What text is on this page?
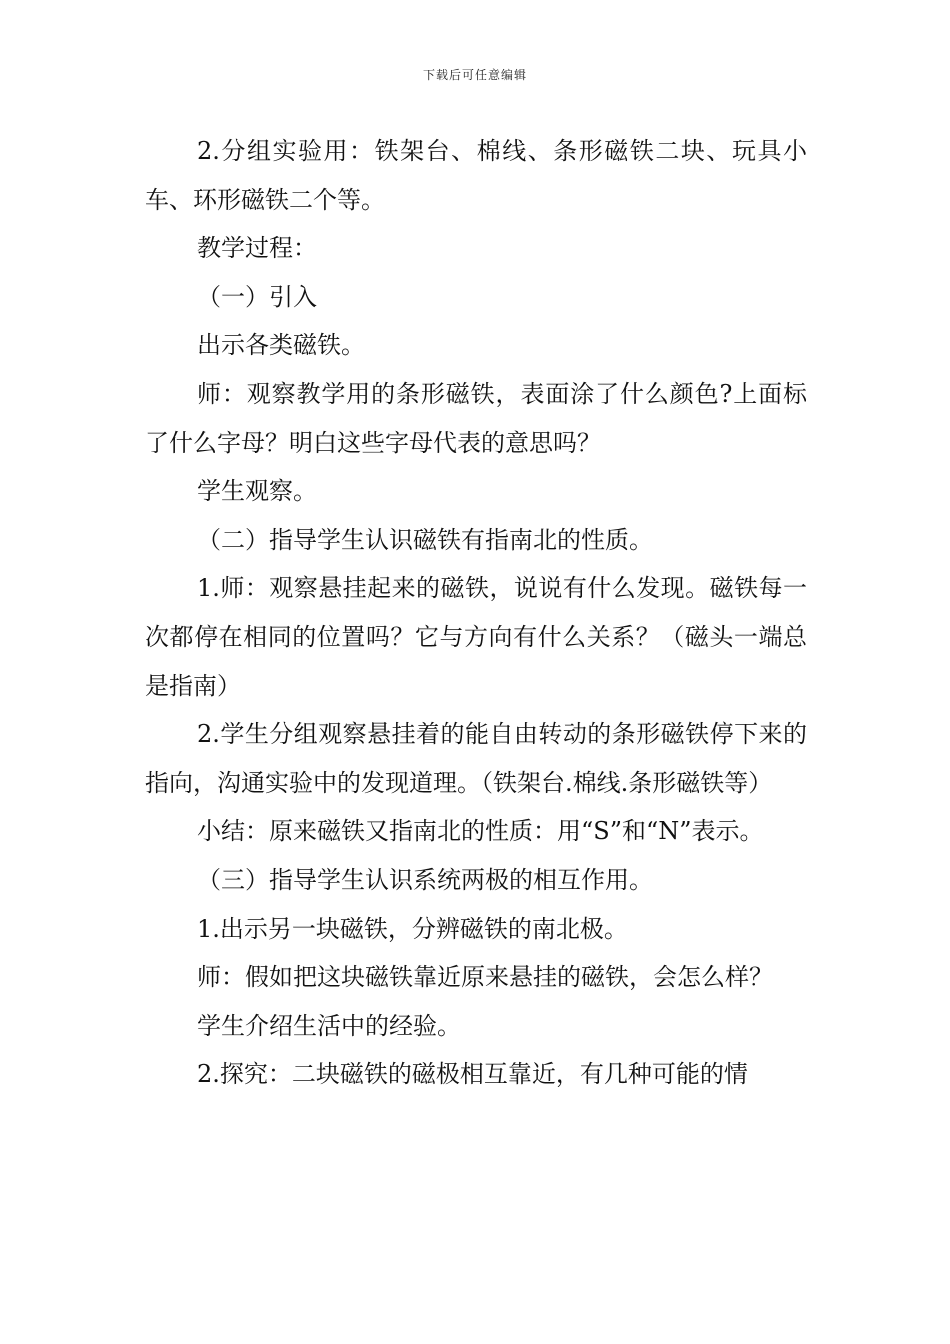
下载后可任意编辑

2.分组实验用：铁架台、棉线、条形磁铁二块、玩具小车、环形磁铁二个等。

教学过程：

（一）引入

出示各类磁铁。

师：观察教学用的条形磁铁，表面涂了什么颜色?上面标了什么字母？明白这些字母代表的意思吗？

学生观察。

（二）指导学生认识磁铁有指南北的性质。

1.师：观察悬挂起来的磁铁，说说有什么发现。磁铁每一次都停在相同的位置吗？它与方向有什么关系？（磁头一端总是指南）

2.学生分组观察悬挂着的能自由转动的条形磁铁停下来的指向，沟通实验中的发现道理。（铁架台.棉线.条形磁铁等）

小结：原来磁铁又指南北的性质：用“S”和“N”表示。

（三）指导学生认识系统两极的相互作用。

1.出示另一块磁铁，分辨磁铁的南北极。

师：假如把这块磁铁靠近原来悬挂的磁铁，会怎么样？

学生介绍生活中的经验。

2.探究：二块磁铁的磁极相互靠近，有几种可能的情
